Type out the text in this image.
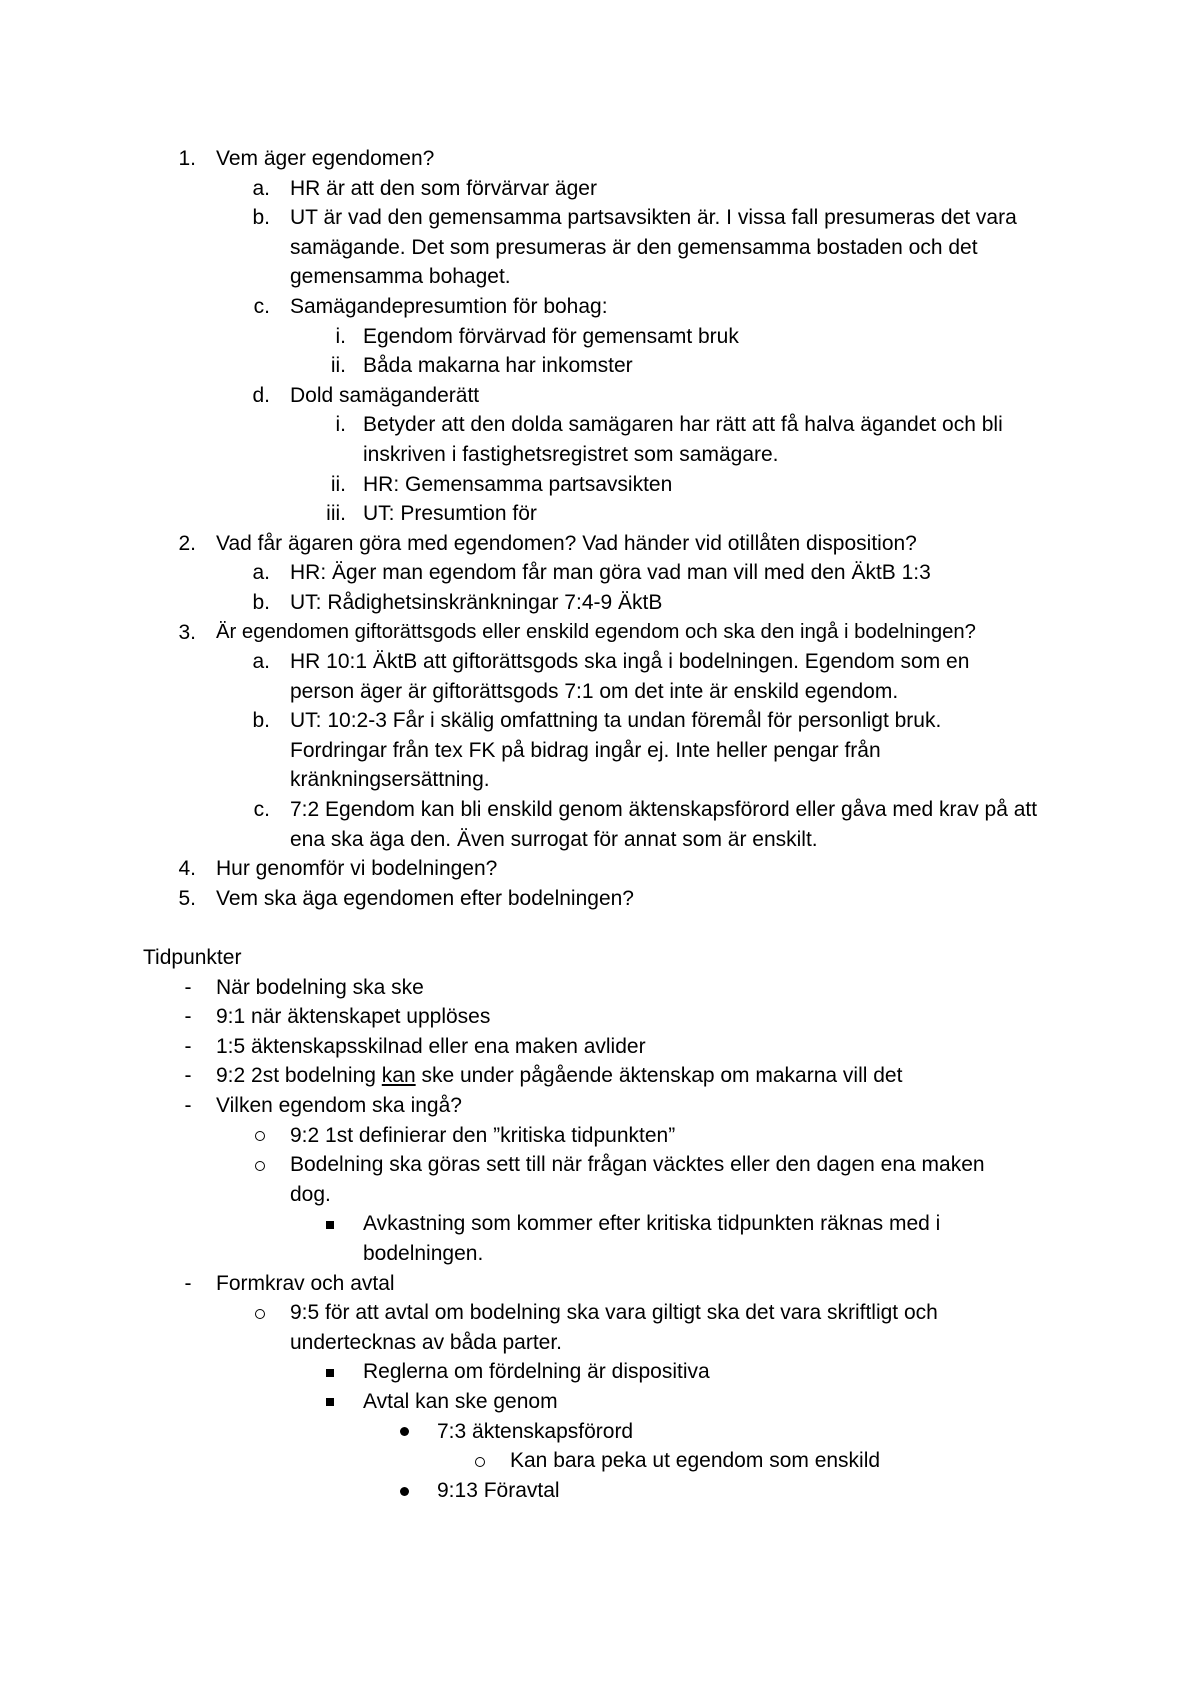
1. Vem äger egendomen?
a. HR är att den som förvärvar äger
b. UT är vad den gemensamma partsavsikten är. I vissa fall presumeras det vara samägande. Det som presumeras är den gemensamma bostaden och det gemensamma bohaget.
c. Samägandepresumtion för bohag:
i. Egendom förvärvad för gemensamt bruk
ii. Båda makarna har inkomster
d. Dold samäganderätt
i. Betyder att den dolda samägaren har rätt att få halva ägandet och bli inskriven i fastighetsregistret som samägare.
ii. HR: Gemensamma partsavsikten
iii. UT: Presumtion för
2. Vad får ägaren göra med egendomen? Vad händer vid otillåten disposition?
a. HR: Äger man egendom får man göra vad man vill med den ÄktB 1:3
b. UT: Rådighetsinskränkningar 7:4-9 ÄktB
3. Är egendomen giftorättsgods eller enskild egendom och ska den ingå i bodelningen?
a. HR 10:1 ÄktB att giftorättsgods ska ingå i bodelningen. Egendom som en person äger är giftorättsgods 7:1 om det inte är enskild egendom.
b. UT: 10:2-3 Får i skälig omfattning ta undan föremål för personligt bruk. Fordringar från tex FK på bidrag ingår ej. Inte heller pengar från kränkningsersättning.
c. 7:2 Egendom kan bli enskild genom äktenskapsförord eller gåva med krav på att ena ska äga den. Även surrogat för annat som är enskilt.
4. Hur genomför vi bodelningen?
5. Vem ska äga egendomen efter bodelningen?
Tidpunkter
- När bodelning ska ske
- 9:1 när äktenskapet upplöses
- 1:5 äktenskapsskilnad eller ena maken avlider
- 9:2 2st bodelning kan ske under pågående äktenskap om makarna vill det
- Vilken egendom ska ingå?
9:2 1st definierar den ”kritiska tidpunkten”
Bodelning ska göras sett till när frågan väcktes eller den dagen ena maken dog.
Avkastning som kommer efter kritiska tidpunkten räknas med i bodelningen.
- Formkrav och avtal
9:5 för att avtal om bodelning ska vara giltigt ska det vara skriftligt och undertecknas av båda parter.
Reglerna om fördelning är dispositiva
Avtal kan ske genom
7:3 äktenskapsförord
Kan bara peka ut egendom som enskild
9:13 Föravtal
